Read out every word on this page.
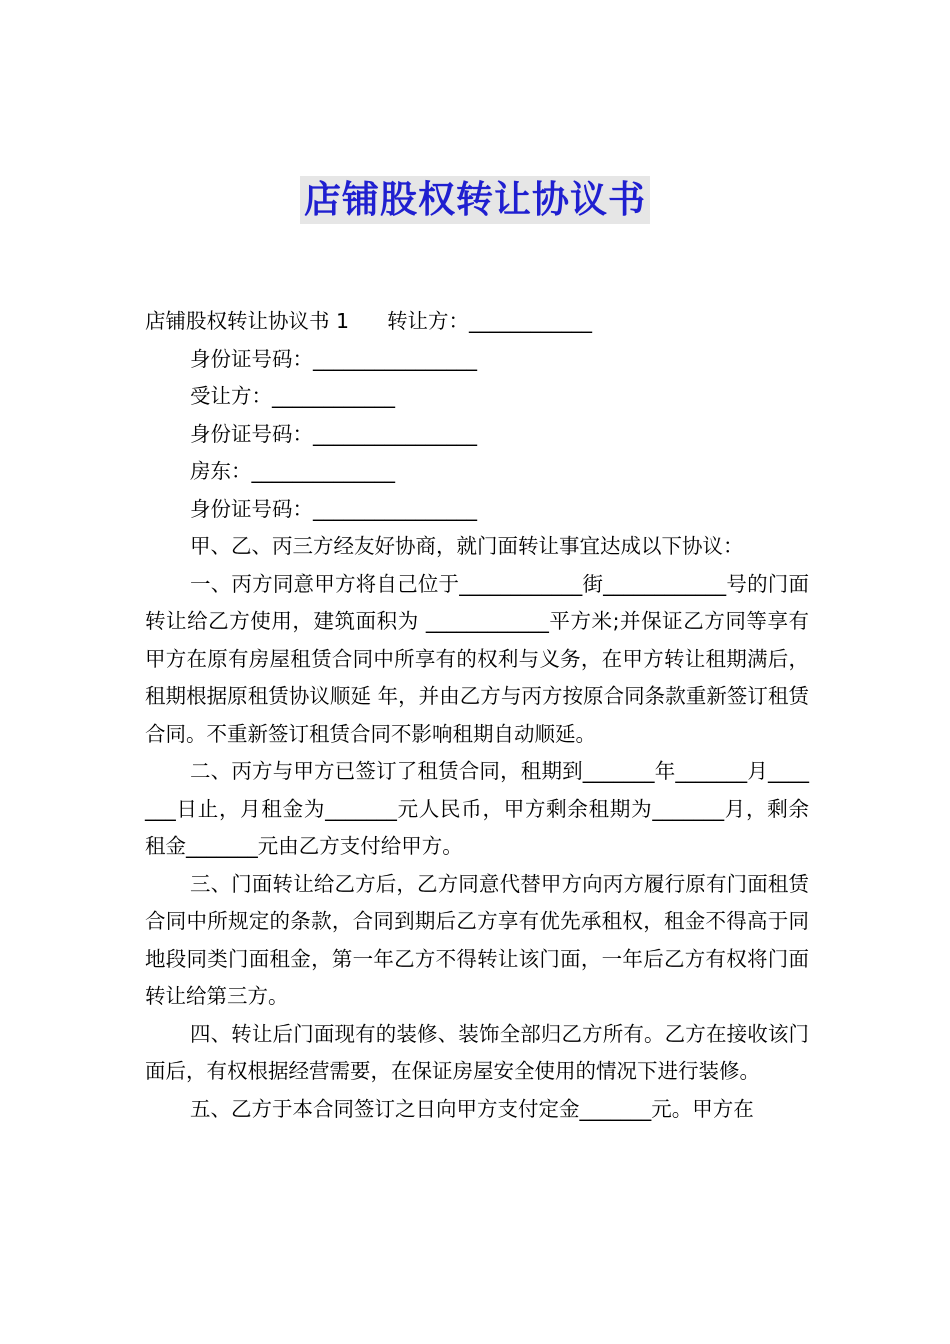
店铺股权转让协议书
店铺股权转让协议书 1 转让方：____________
身份证号码：________________
受让方：____________
身份证号码：________________
房东：______________
身份证号码：________________
甲、乙、丙三方经友好协商，就门面转让事宜达成以下协议：
一、丙方同意甲方将自己位于____________街____________号的门面转让给乙方使用，建筑面积为 ____________平方米;并保证乙方同等享有甲方在原有房屋租赁合同中所享有的权利与义务，在甲方转让租期满后，租期根据原租赁协议顺延 年，并由乙方与丙方按原合同条款重新签订租赁合同。不重新签订租赁合同不影响租期自动顺延。
二、丙方与甲方已签订了租赁合同，租期到_______年_______月_______日止，月租金为_______元人民币，甲方剩余租期为_______月，剩余租金_______元由乙方支付给甲方。
三、门面转让给乙方后，乙方同意代替甲方向丙方履行原有门面租赁合同中所规定的条款，合同到期后乙方享有优先承租权，租金不得高于同地段同类门面租金，第一年乙方不得转让该门面，一年后乙方有权将门面转让给第三方。
四、转让后门面现有的装修、装饰全部归乙方所有。乙方在接收该门面后，有权根据经营需要，在保证房屋安全使用的情况下进行装修。
五、乙方于本合同签订之日向甲方支付定金_______元。甲方在
